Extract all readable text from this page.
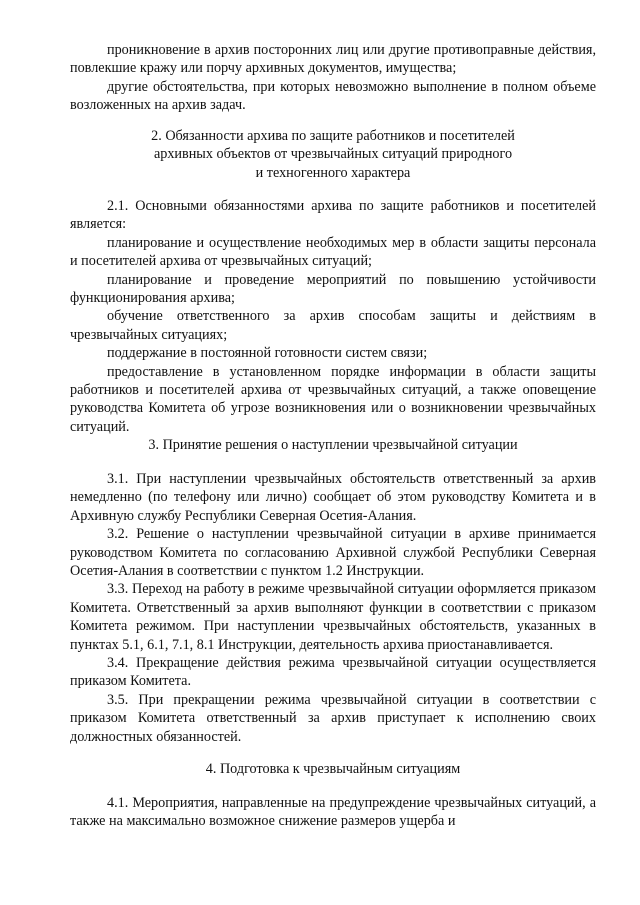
проникновение в архив посторонних лиц или другие противоправные действия, повлекшие кражу или порчу архивных документов, имущества;

другие обстоятельства, при которых невозможно выполнение в полном объеме возложенных на архив задач.

2. Обязанности архива по защите работников и посетителей
архивных объектов от чрезвычайных ситуаций природного
и техногенного характера

2.1. Основными обязанностями архива по защите работников и посетителей является:

планирование и осуществление необходимых мер в области защиты персонала и посетителей архива от чрезвычайных ситуаций;

планирование и проведение мероприятий по повышению устойчивости функционирования архива;

обучение ответственного за архив способам защиты и действиям в чрезвычайных ситуациях;

поддержание в постоянной готовности систем связи;

предоставление в установленном порядке информации в области защиты работников и посетителей архива от чрезвычайных ситуаций, а также оповещение руководства Комитета об угрозе возникновения или о возникновении чрезвычайных ситуаций.

3. Принятие решения о наступлении чрезвычайной ситуации

3.1. При наступлении чрезвычайных обстоятельств ответственный за архив немедленно (по телефону или лично) сообщает об этом руководству Комитета и в Архивную службу Республики Северная Осетия-Алания.

3.2. Решение о наступлении чрезвычайной ситуации в архиве принимается руководством Комитета по согласованию Архивной службой Республики Северная Осетия-Алания в соответствии с пунктом 1.2 Инструкции.

3.3. Переход на работу в режиме чрезвычайной ситуации оформляется приказом Комитета. Ответственный за архив выполняют функции в соответствии с приказом Комитета режимом. При наступлении чрезвычайных обстоятельств, указанных в пунктах 5.1, 6.1, 7.1, 8.1 Инструкции, деятельность архива приостанавливается.

3.4. Прекращение действия режима чрезвычайной ситуации осуществляется приказом Комитета.

3.5. При прекращении режима чрезвычайной ситуации в соответствии с приказом Комитета ответственный за архив приступает к исполнению своих должностных обязанностей.

4. Подготовка к чрезвычайным ситуациям

4.1. Мероприятия, направленные на предупреждение чрезвычайных ситуаций, а также на максимально возможное снижение размеров ущерба и
